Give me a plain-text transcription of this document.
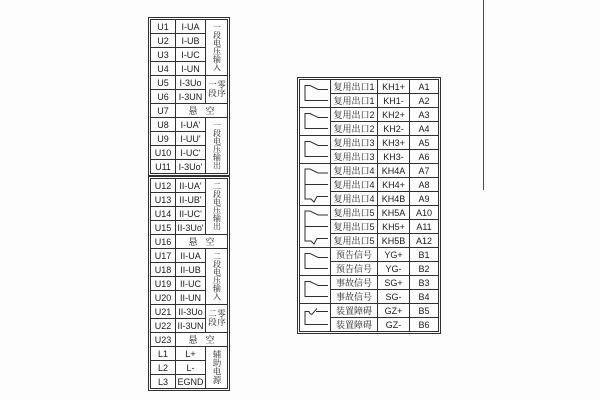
U1	I-UA	一段电压输入
U2	I-UB	
U3	I-UC	
U4	I-UN	
U5	I-3Uo	一段零序
U6	I-3UN	
U7	悬空	
U8	I-UA'	一段电压输出
U9	I-UU'	
U10	I-UC'	
U11	I-3Uo'	
U12	II-UA'	二段电压输出
U13	II-UB'	
U14	II-UC'	
U15	II-3Uo'	
U16	悬空	
U17	II-UA	二段电压输入
U18	II-UB	
U19	II-UC	
U20	II-UN	
U21	II-3Uo	二段零序
U22	II-3UN	
U23	悬空	
L1	L+	辅助电源
L2	L-	
L3	EGND	
	复用出口1	KH1+	A1
	复用出口1	KH1-	A2

	复用出口2	KH2+	A3
	复用出口2	KH2-	A4

	复用出口3	KH3+	A5
	复用出口3	KH3-	A6

	复用出口4	KH4A	A7
	复用出口4	KH4+	A8
	复用出口4	KH4B	A9

	复用出口5	KH5A	A10
	复用出口5	KH5+	A11
	复用出口5	KH5B	A12

	预告信号	YG+	B1
	预告信号	YG-	B2

	事故信号	SG+	B3
	事故信号	SG-	B4

	装置障碍	GZ+	B5
	装置障碍	GZ-	B6
